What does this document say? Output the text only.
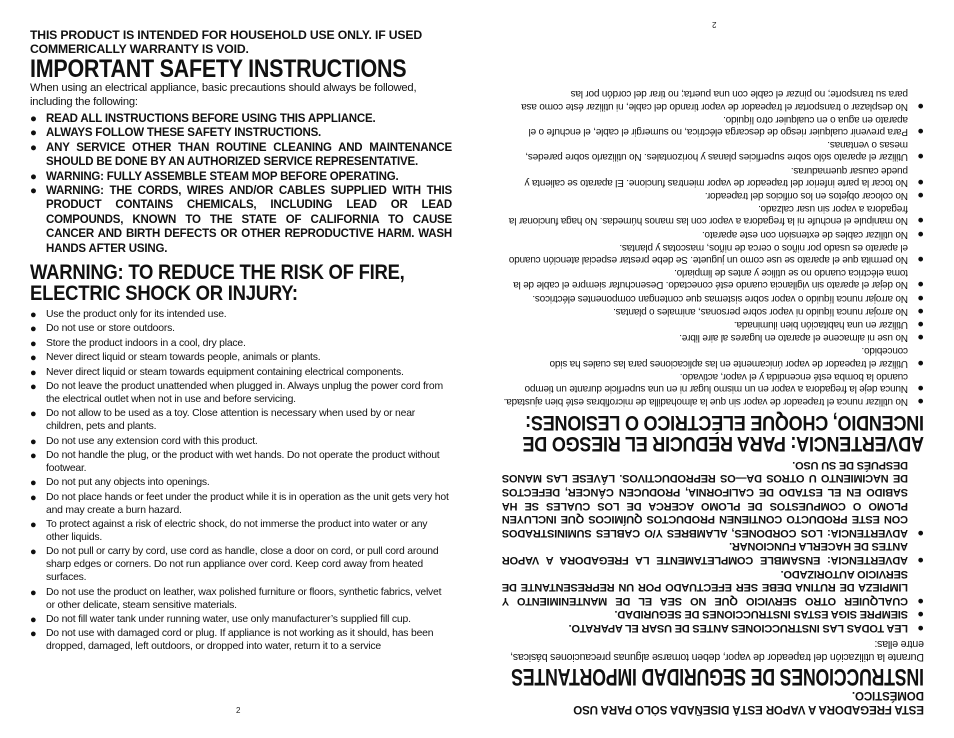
THIS PRODUCT IS INTENDED FOR HOUSEHOLD USE ONLY. IF USED COMMERICALLY WARRANTY IS VOID.

IMPORTANT SAFETY INSTRUCTIONS

When using an electrical appliance, basic precautions should always be followed, including the following:

● READ ALL INSTRUCTIONS BEFORE USING THIS APPLIANCE.
● ALWAYS FOLLOW THESE SAFETY INSTRUCTIONS.
● ANY SERVICE OTHER THAN ROUTINE CLEANING AND MAINTENANCE SHOULD BE DONE BY AN AUTHORIZED SERVICE REPRESENTATIVE.
● WARNING: FULLY ASSEMBLE STEAM MOP BEFORE OPERATING.
● WARNING: THE CORDS, WIRES AND/OR CABLES SUPPLIED WITH THIS PRODUCT CONTAINS CHEMICALS, INCLUDING LEAD OR LEAD COMPOUNDS, KNOWN TO THE STATE OF CALIFORNIA TO CAUSE CANCER AND BIRTH DEFECTS OR OTHER REPRODUCTIVE HARM. WASH HANDS AFTER USING.
WARNING: TO REDUCE THE RISK OF FIRE,
ELECTRIC SHOCK OR INJURY:
● Use the product only for its intended use.
● Do not use or store outdoors.
● Store the product indoors in a cool, dry place.
● Never direct liquid or steam towards people, animals or plants.
● Never direct liquid or steam towards equipment containing electrical components.
● Do not leave the product unattended when plugged in. Always unplug the power cord from the electrical outlet when not in use and before servicing.
● Do not allow to be used as a toy. Close attention is necessary when used by or near children, pets and plants.
● Do not use any extension cord with this product.
● Do not handle the plug, or the product with wet hands. Do not operate the product without footwear.
● Do not put any objects into openings.
● Do not place hands or feet under the product while it is in operation as the unit gets very hot and may create a burn hazard.
● To protect against a risk of electric shock, do not immerse the product into water or any other liquids.
● Do not pull or carry by cord, use cord as handle, close a door on cord, or pull cord around sharp edges or corners. Do not run appliance over cord. Keep cord away from heated surfaces.
● Do not use the product on leather, wax polished furniture or floors, synthetic fabrics, velvet or other delicate, steam sensitive materials.
● Do not fill water tank under running water, use only manufacturer’s supplied fill cup.
● Do not use with damaged cord or plug. If appliance is not working as it should, has been dropped, damaged, left outdoors, or dropped into water, return it to a service
2	ESTA FREGADORA A VAPOR ESTÁ DISEÑADA SÓLO PARA USO DOMÉSTICO.

INSTRUCCIONES DE SEGURIDAD IMPORTANTES

Durante la utilización del trapeador de vapor, deben tomarse algunas precauciones básicas, entre ellas:

●
LEA TODAS LAS INSTRUCCIONES ANTES DE USAR EL APARATO.
●
SIEMPRE SIGA ESTAS INSTRUCCIONES DE SEGURIDAD.
●
CUALQUIER OTRO SERVICIO QUE NO SEA EL DE MANTENIMIENTO Y LIMPIEZA DE RUTINA DEBE SER EFECTUADO POR UN REPRESENTANTE DE SERVICIO AUTORIZADO.
●
ADVERTENCIA: ENSAMBLE COMPLETAMENTE LA FREGADORA A VAPOR ANTES DE HACERLA FUNCIONAR.
●
ADVERTENCIA: LOS CORDONES, ALAMBRES Y/O CABLES SUMINISTRADOS CON ESTE PRODUCTO CONTIENEN PRODUCTOS QUÍMICOS QUE INCLUYEN PLOMO O COMPUESTOS DE PLOMO ACERCA DE LOS CUALES SE HA SABIDO EN EL ESTADO DE CALIFORNIA, PRODUCEN CÁNCER, DEFECTOS DE NACIMIENTO U OTROS DA—OS REPRODUCTIVOS. LÁVESE LAS MANOS DESPUÉS DE SU USO.
ADVERTENCIA: PARA REDUCIR EL RIESGO DE
INCENDIO, CHOQUE ELÉCTRICO O LESIONES:
●
No utilizar nunca el trapeador de vapor sin que la almohadilla de microfibras esté bien ajustada.
●
Nunca deje la fregadora a vapor en un mismo lugar ni en una superficie durante un tiempo cuando la bomba esté encendida y el vapor, activado.
●
Utilizar el trapeador de vapor únicamente en las aplicaciones para las cuales ha sido concebido.
●
No use ni almacene el aparato en lugares al aire libre.
●
Utilizar en una habitación bien iluminada.
●
No arrojar nunca líquido ni vapor sobre personas, animales o plantas.
●
No arrojar nunca líquido o vapor sobre sistemas que contengan componentes eléctricos.
●
No dejar el aparato sin vigilancia cuando esté conectado. Desenchufar siempre el cable de la toma eléctrica cuando no se utilice y antes de limpiarlo.
●
No permita que el aparato se use como un juguete. Se debe prestar especial atención cuando el aparato es usado por niños o cerca de niños, mascotas y plantas.
●
No utilizar cables de extensión con este aparato.
●
No manipule el enchufe ni la fregadora a vapor con las manos húmedas. No haga funcionar la fregadora a vapor sin usar calzado.
●
No colocar objetos en los orificios del trapeador.
●
No tocar la parte inferior del trapeador de vapor mientras funcione. El aparato se calienta y puede causar quemaduras.
●
Utilizar el aparato sólo sobre superficies planas y horizontales. No utilizarlo sobre paredes, mesas o ventanas.
●
Para prevenir cualquier riesgo de descarga eléctrica, no sumergir el cable, el enchufe o el aparato en agua o en cualquier otro líquido.
●
No desplazar o transportar el trapeador de vapor tirando del cable, ni utilizar éste como asa para su transporte; no pinzar el cable con una puerta; no tirar del cordón por las
2
